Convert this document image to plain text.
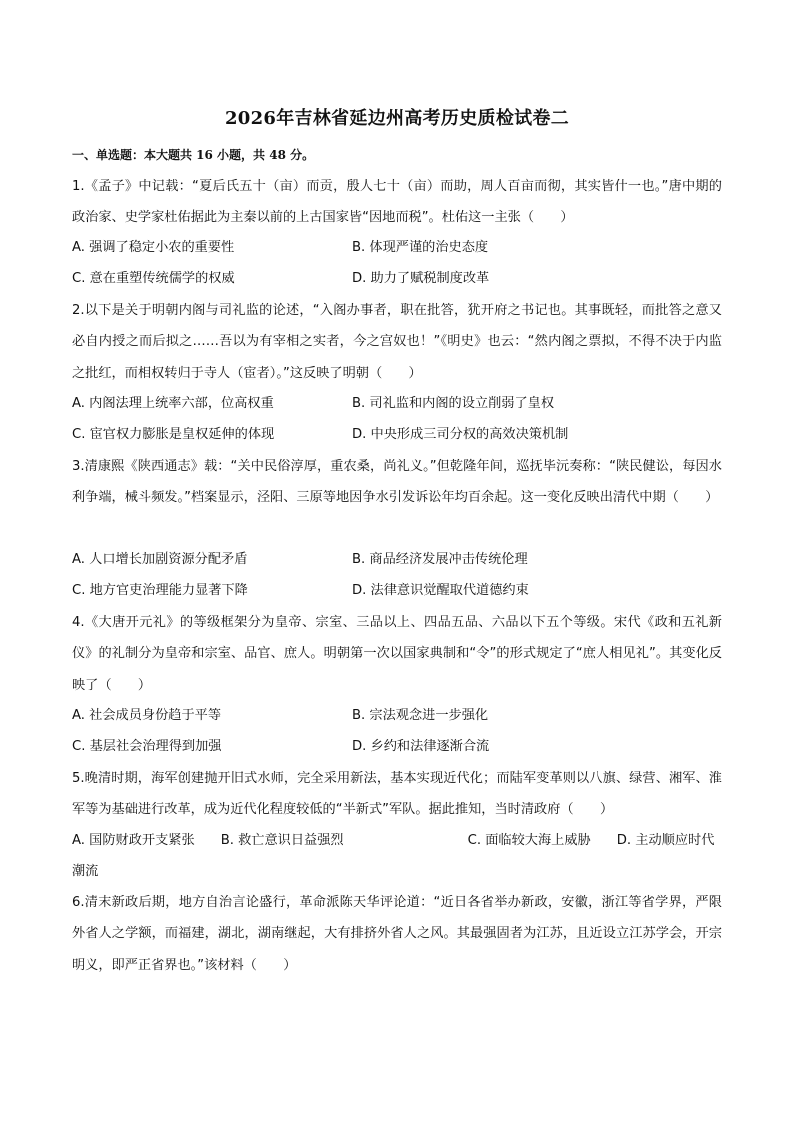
2026年吉林省延边州高考历史质检试卷二
一、单选题：本大题共 16 小题，共 48 分。
1.《孟子》中记载：“夏后氏五十（亩）而贡，殷人七十（亩）而助，周人百亩而彻，其实皆什一也。”唐中期的政治家、史学家杜佑据此为主秦以前的上古国家皆“因地而税”。杜佑这一主张（　　）
A. 强调了稳定小农的重要性	B. 体现严谨的治史态度
C. 意在重塑传统儒学的权威	D. 助力了赋税制度改革
2.以下是关于明朝内阁与司礼监的论述，“入阁办事者，职在批答，犹开府之书记也。其事既轻，而批答之意又必自内授之而后拟之……吾以为有宰相之实者，今之宫奴也！”《明史》也云：“然内阁之票拟，不得不决于内监之批红，而相权转归于寺人（宦者）。”这反映了明朝（　　）
A. 内阁法理上统率六部，位高权重	B. 司礼监和内阁的设立削弱了皇权
C. 宦官权力膨胀是皇权延伸的体现	D. 中央形成三司分权的高效决策机制
3.清康熙《陕西通志》载：“关中民俗淳厚，重农桑，尚礼义。”但乾隆年间，巡抚毕沅奏称：“陕民健讼，每因水利争端，械斗频发。”档案显示，泾阳、三原等地因争水引发诉讼年均百余起。这一变化反映出清代中期（　　）
A. 人口增长加剧资源分配矛盾	B. 商品经济发展冲击传统伦理
C. 地方官吏治理能力显著下降	D. 法律意识觉醒取代道德约束
4.《大唐开元礼》的等级框架分为皇帝、宗室、三品以上、四品五品、六品以下五个等级。宋代《政和五礼新仪》的礼制分为皇帝和宗室、品官、庶人。明朝第一次以国家典制和“令”的形式规定了“庶人相见礼”。其变化反映了（　　）
A. 社会成员身份趋于平等	B. 宗法观念进一步强化
C. 基层社会治理得到加强	D. 乡约和法律逐渐合流
5.晚清时期，海军创建抛开旧式水师，完全采用新法，基本实现近代化；而陆军变革则以八旗、绿营、湘军、淮军等为基础进行改革，成为近代化程度较低的“半新式”军队。据此推知，当时清政府（　　）
A. 国防财政开支紧张 B. 救亡意识日益强烈	C. 面临较大海上威胁 D. 主动顺应时代潮流
6.清末新政后期，地方自治言论盛行，革命派陈天华评论道：“近日各省举办新政，安徽，浙江等省学界，严限外省人之学额，而福建，湖北，湖南继起，大有排挤外省人之风。其最强固者为江苏，且近设立江苏学会，开宗明义，即严正省界也。”该材料（　　）
